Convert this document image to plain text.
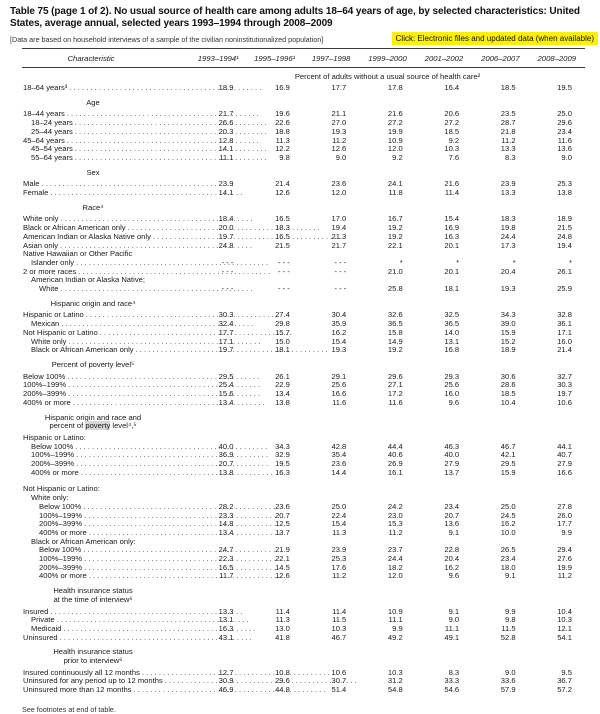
Table 75 (page 1 of 2). No usual source of health care among adults 18–64 years of age, by selected characteristics: United States, average annual, selected years 1993–1994 through 2008–2009
[Data are based on household interviews of a sample of the civilian noninstitutionalized population]	Click: Electronic files and updated data (when available)
Characteristic	1993–1994¹	1995–1996¹	1997–1998	1999–2000	2001–2002	2006–2007	2008–2009
Percent of adults without a usual source of health care²
18–64 years³ . . .	18.9	16.9	17.7	17.8	16.4	18.5	19.5
Age
18–44 years . . .	21.7	19.6	21.1	21.6	20.6	23.5	25.0
18–24 years . . .	26.6	22.6	27.0	27.2	27.2	28.7	29.6
25–44 years . . .	20.3	18.8	19.3	19.9	18.5	21.8	23.4
45–64 years . . .	12.8	11.3	11.2	10.9	9.2	11.2	11.6
45–54 years . . .	14.1	12.2	12.6	12.0	10.3	13.3	13.6
55–64 years . . .	11.1	9.8	9.0	9.2	7.6	8.3	9.0
Sex
Male . . .	23.9	21.4	23.6	24.1	21.6	23.9	25.3
Female . . .	14.1	12.6	12.0	11.8	11.4	13.3	13.8
Race⁴
White only . . .	18.4	16.5	17.0	16.7	15.4	18.3	18.9
Black or African American only . . .	20.0	18.3	19.4	19.2	16.9	19.8	21.5
American Indian or Alaska Native only . . .	19.7	16.5	21.3	19.2	16.3	24.4	24.8
Asian only . . .	24.8	21.5	21.7	22.1	20.1	17.3	19.4
Native Hawaiian or Other Pacific
Islander only . . .	- - -	- - -	- - -	*	*	*	*
2 or more races . . .	- - -	- - -	- - -	21.0	20.1	20.4	26.1
American Indian or Alaska Native;
White . . .	- - -	- - -	- - -	25.8	18.1	19.3	25.9
Hispanic origin and race⁴
Hispanic or Latino . . .	30.3	27.4	30.4	32.6	32.5	34.3	32.8
Mexican . . .	32.4	29.8	35.9	36.5	36.5	39.0	36.1
Not Hispanic or Latino . . .	17.7	15.7	16.2	15.8	14.0	15.9	17.1
White only . . .	17.1	15.0	15.4	14.9	13.1	15.2	16.0
Black or African American only . . .	19.7	18.1	19.3	19.2	16.8	18.9	21.4
Percent of poverty level⁵
Below 100% . . .	29.5	26.1	29.1	29.6	29.3	30.6	32.7
100%–199% . . .	25.4	22.9	25.6	27.1	25.6	28.6	30.3
200%–399% . . .	15.6	13.4	16.6	17.2	16.0	18.5	19.7
400% or more . . .	13.4	13.8	11.6	11.6	9.6	10.4	10.6
Hispanic origin and race and
percent of poverty level⁴,⁵
Hispanic or Latino:
Below 100% . . .	40.0	34.3	42.8	44.4	46.3	46.7	44.1
100%–199% . . .	36.9	32.9	35.4	40.6	40.0	42.1	40.7
200%–399% . . .	20.7	19.5	23.6	26.9	27.9	29.5	27.9
400% or more . . .	13.8	16.3	14.4	16.1	13.7	15.9	16.6
Not Hispanic or Latino:
White only:
Below 100% . . .	28.2	23.6	25.0	24.2	23.4	25.0	27.8
100%–199% . . .	23.3	20.7	22.4	23.0	20.7	24.5	26.0
200%–399% . . .	14.8	12.5	15.4	15.3	13.6	16.2	17.7
400% or more . . .	13.4	13.7	11.3	11.2	9.1	10.0	9.9
Black or African American only:
Below 100% . . .	24.7	21.9	23.9	23.7	22.8	26.5	29.4
100%–199% . . .	22.3	22.1	25.3	24.4	20.4	23.4	27.6
200%–399% . . .	16.5	14.5	17.6	18.2	16.2	18.0	19.9
400% or more . . .	11.7	12.6	11.2	12.0	9.6	9.1	11.2
Health insurance status
at the time of interview⁶
Insured . . .	13.3	11.4	11.4	10.9	9.1	9.9	10.4
Private . . .	13.1	11.3	11.5	11.1	9.0	9.8	10.3
Medicaid . . .	16.3	13.0	10.3	9.9	11.1	11.5	12.1
Uninsured . . .	43.1	41.8	46.7	49.2	49.1	52.8	54.1
Health insurance status
prior to interview⁶
Insured continuously all 12 months . . .	12.7	10.8	10.6	10.3	8.3	9.0	9.5
Uninsured for any period up to 12 months . . .	30.9	29.6	30.7	31.2	33.3	33.6	36.7
Uninsured more than 12 months . . .	46.9	44.8	51.4	54.8	54.6	57.9	57.2
See footnotes at end of table.
